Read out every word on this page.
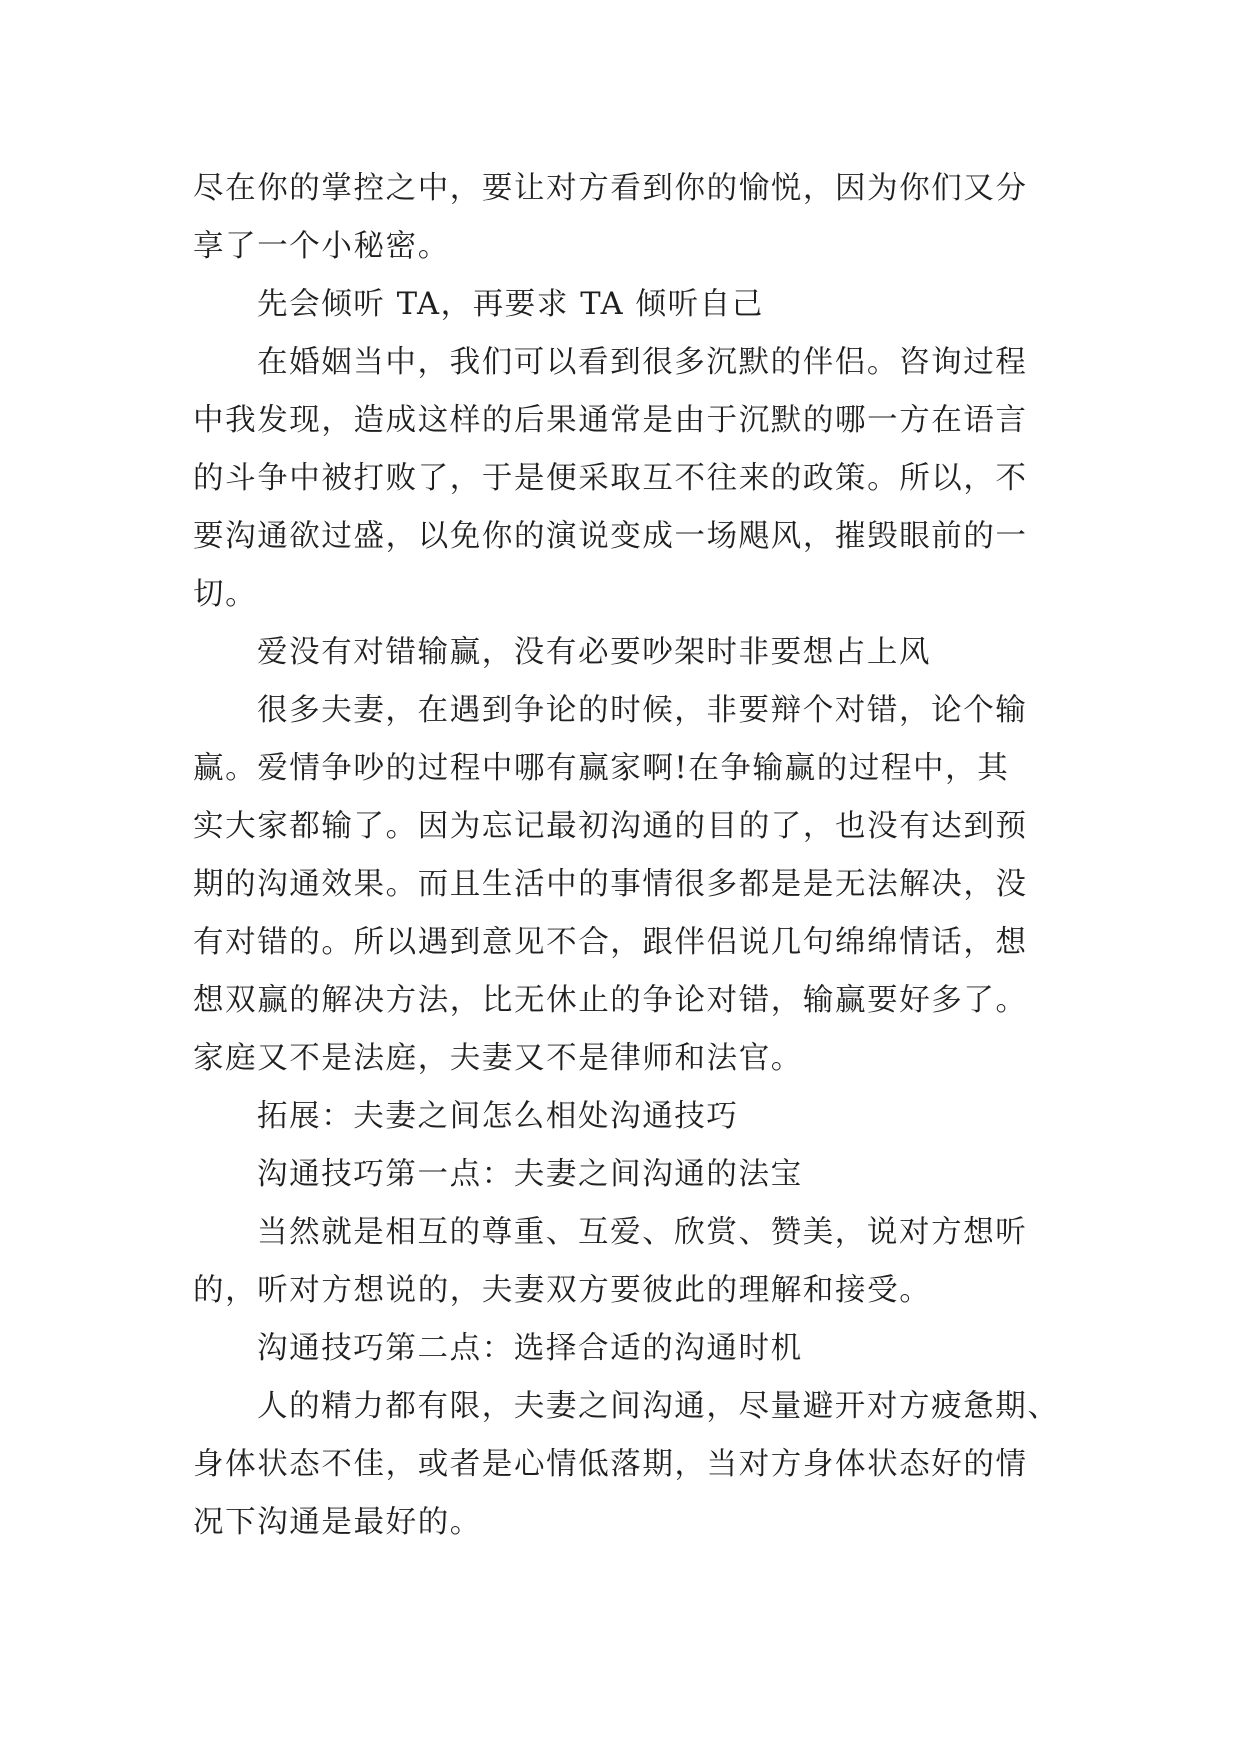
尽在你的掌控之中，要让对方看到你的愉悦，因为你们又分
享了一个小秘密。
先会倾听 TA，再要求 TA 倾听自己
在婚姻当中，我们可以看到很多沉默的伴侣。咨询过程
中我发现，造成这样的后果通常是由于沉默的哪一方在语言
的斗争中被打败了，于是便采取互不往来的政策。所以，不
要沟通欲过盛，以免你的演说变成一场飓风，摧毁眼前的一
切。
爱没有对错输赢，没有必要吵架时非要想占上风
很多夫妻，在遇到争论的时候，非要辩个对错，论个输
赢。爱情争吵的过程中哪有赢家啊!在争输赢的过程中，其
实大家都输了。因为忘记最初沟通的目的了，也没有达到预
期的沟通效果。而且生活中的事情很多都是是无法解决，没
有对错的。所以遇到意见不合，跟伴侣说几句绵绵情话，想
想双赢的解决方法，比无休止的争论对错，输赢要好多了。
家庭又不是法庭，夫妻又不是律师和法官。
拓展：夫妻之间怎么相处沟通技巧
沟通技巧第一点：夫妻之间沟通的法宝
当然就是相互的尊重、互爱、欣赏、赞美，说对方想听
的，听对方想说的，夫妻双方要彼此的理解和接受。
沟通技巧第二点：选择合适的沟通时机
人的精力都有限，夫妻之间沟通，尽量避开对方疲惫期、
身体状态不佳，或者是心情低落期，当对方身体状态好的情
况下沟通是最好的。
